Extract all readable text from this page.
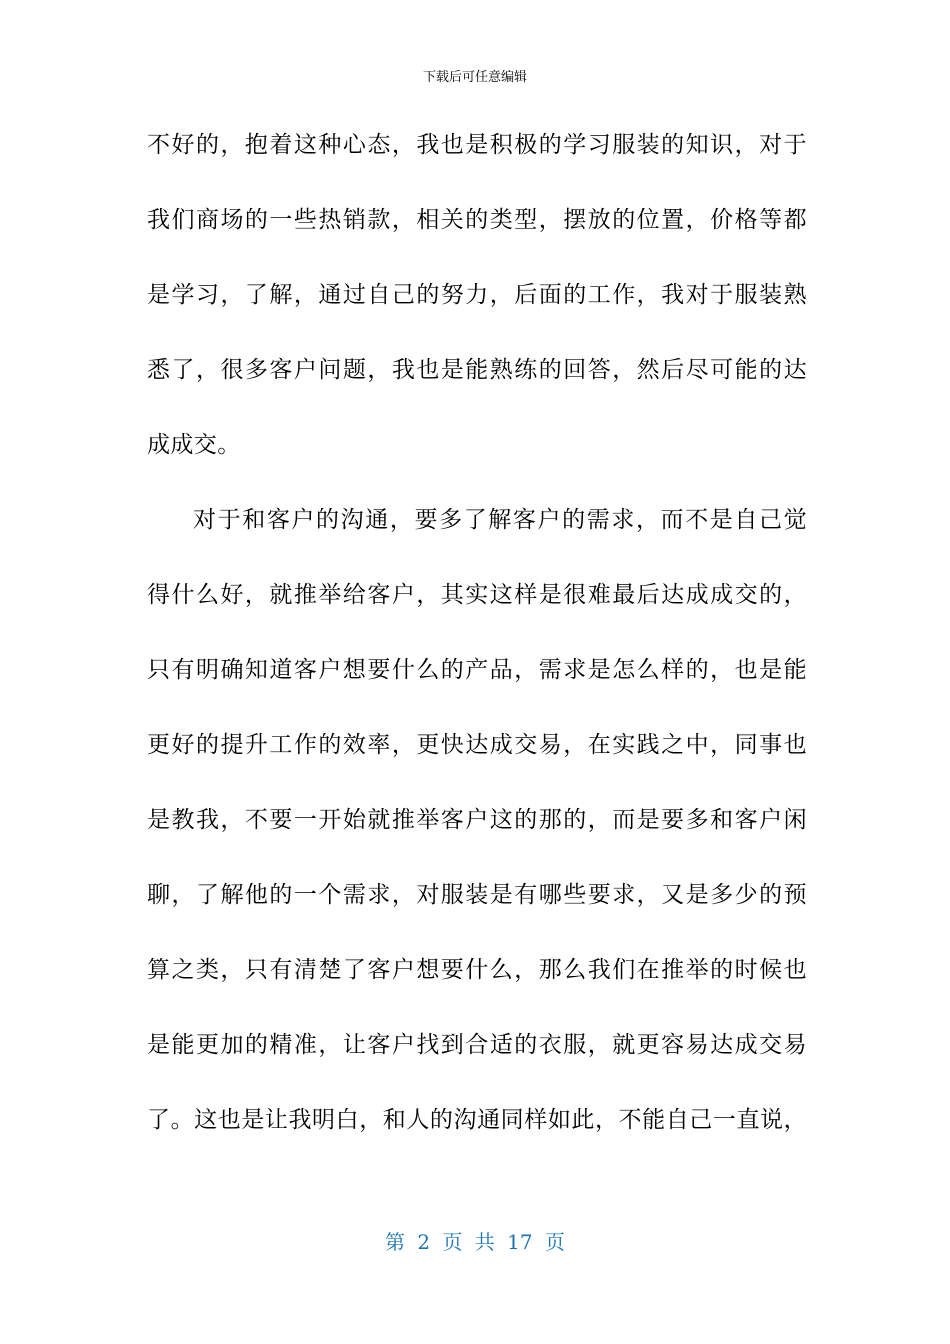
下载后可任意编辑
不好的，抱着这种心态，我也是积极的学习服装的知识，对于
我们商场的一些热销款，相关的类型，摆放的位置，价格等都
是学习，了解，通过自己的努力，后面的工作，我对于服装熟
悉了，很多客户问题，我也是能熟练的回答，然后尽可能的达
成成交。
对于和客户的沟通，要多了解客户的需求，而不是自己觉
得什么好，就推举给客户，其实这样是很难最后达成成交的，
只有明确知道客户想要什么的产品，需求是怎么样的，也是能
更好的提升工作的效率，更快达成交易，在实践之中，同事也
是教我，不要一开始就推举客户这的那的，而是要多和客户闲
聊，了解他的一个需求，对服装是有哪些要求，又是多少的预
算之类，只有清楚了客户想要什么，那么我们在推举的时候也
是能更加的精准，让客户找到合适的衣服，就更容易达成交易
了。这也是让我明白，和人的沟通同样如此，不能自己一直说，
第 2 页 共 17 页
